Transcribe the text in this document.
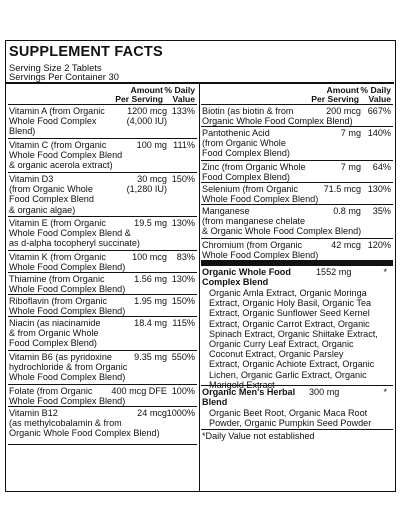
SUPPLEMENT FACTS
Serving Size 2 Tablets
Servings Per Container 30
Amount
Per Serving
% Daily
Value
Vitamin A (from Organic
Whole Food Complex
Blend)
1200 mcg
(4,000 IU)
133%
Vitamin C (from Organic
Whole Food Complex Blend
& organic acerola extract)
100 mg 111%
Vitamin D3
(from Organic Whole
Food Complex Blend
& organic algae)
30 mcg
(1,280 IU)
150%
Vitamin E (from Organic
Whole Food Complex Blend &
as d-alpha tocopheryl succinate)
19.5 mg 130%
Vitamin K (from Organic
Whole Food Complex Blend)
100 mcg 83%
Thiamine (from Organic
Whole Food Complex Blend)
1.56 mg 130%
Riboflavin (from Organic
Whole Food Complex Blend)
1.95 mg 150%
Niacin (as niacinamide
& from Organic Whole
Food Complex Blend)
18.4 mg 115%
Vitamin B6 (as pyridoxine
hydrochloride & from Organic
Whole Food Complex Blend)
9.35 mg 550%
Folate (from Organic
Whole Food Complex Blend)
400 mcg DFE 100%
Vitamin B12
(as methylcobalamin & from
Organic Whole Food Complex Blend)
24 mcg 1000%
Amount
Per Serving
% Daily
Value
Biotin (as biotin & from
Organic Whole Food Complex Blend)
200 mcg 667%
Pantothenic Acid
(from Organic Whole
Food Complex Blend)
7 mg 140%
Zinc (from Organic Whole
Food Complex Blend)
7 mg 64%
Selenium (from Organic
Whole Food Complex Blend)
71.5 mcg 130%
Manganese
(from manganese chelate
& Organic Whole Food Complex Blend)
0.8 mg 35%
Chromium (from Organic
Whole Food Complex Blend)
42 mcg 120%
Organic Whole Food
Complex Blend
1552 mg	*
Organic Amla Extract, Organic Moringa
Extract, Organic Holy Basil, Organic Tea
Extract, Organic Sunflower Seed Kernel
Extract, Organic Carrot Extract, Organic
Spinach Extract, Organic Shiitake Extract,
Organic Curry Leaf Extract, Organic
Coconut Extract, Organic Parsley
Extract, Organic Achiote Extract, Organic
Lichen, Organic Garlic Extract, Organic
Marigold Extract
Organic Men's Herbal
Blend
300 mg	*
Organic Beet Root, Organic Maca Root
Powder, Organic Pumpkin Seed Powder
*Daily Value not established
